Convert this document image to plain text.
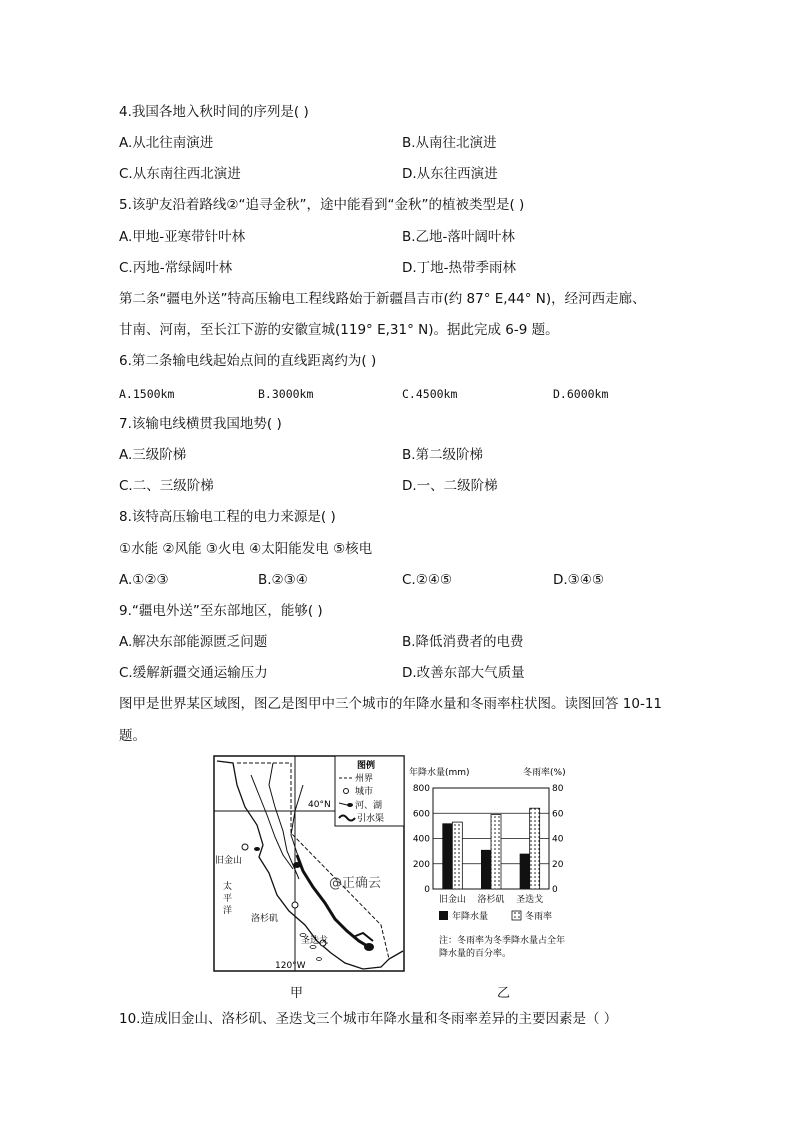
4.我国各地入秋时间的序列是( )
A.从北往南演进	B.从南往北演进
C.从东南往西北演进	D.从东往西演进
5.该驴友沿着路线②“追寻金秋”，途中能看到“金秋”的植被类型是( )
A.甲地-亚寒带针叶林	B.乙地-落叶阔叶林
C.丙地-常绿阔叶林	D.丁地-热带季雨林
第二条“疆电外送”特高压输电工程线路始于新疆昌吉市(约 87° E,44° N)，经河西走廊、
甘南、河南，至长江下游的安徽宣城(119° E,31° N)。据此完成 6-9 题。
6.第二条输电线起始点间的直线距离约为( )
A.1500km	B.3000km	C.4500km	D.6000km
7.该输电线横贯我国地势( )
A.三级阶梯	B.第二级阶梯
C.二、三级阶梯	D.一、二级阶梯
8.该特高压输电工程的电力来源是( )
①水能 ②风能 ③火电 ④太阳能发电 ⑤核电
A.①②③	B.②③④	C.②④⑤	D.③④⑤
9.“疆电外送”至东部地区，能够( )
A.解决东部能源匮乏问题	B.降低消费者的电费
C.缓解新疆交通运输压力	D.改善东部大气质量
图甲是世界某区域图，图乙是图甲中三个城市的年降水量和冬雨率柱状图。读图回答 10-11
题。
40°N
120°W
旧金山
洛杉矶
圣迭戈
太
平
洋
@正确云
图例
州界
城市
河、湖
引水渠
年降水量(mm)	冬雨率(%)
0	0
200	20
400	40
600	60
800	80
旧金山 洛杉矶 圣迭戈
年降水量	冬雨率
注：冬雨率为冬季降水量占全年
降水量的百分率。
甲	乙
10.造成旧金山、洛杉矶、圣迭戈三个城市年降水量和冬雨率差异的主要因素是（ ）
